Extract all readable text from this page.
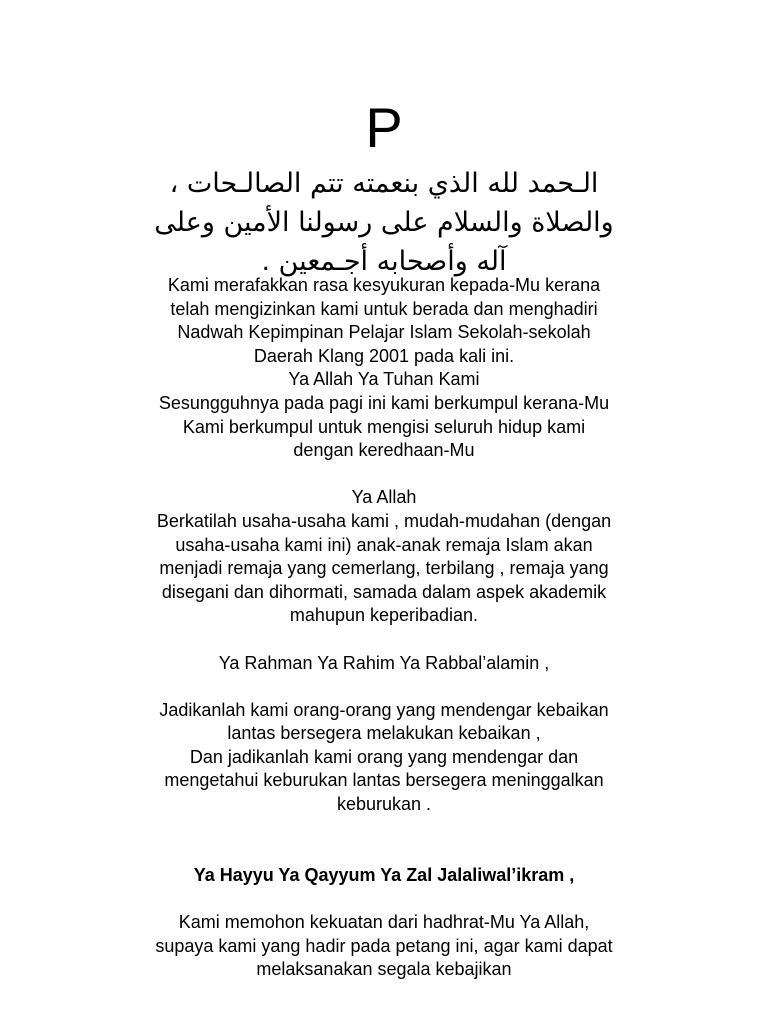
P
الـحمد لله الذي بنعمته تتم الصالـحات ،
والصلاة والسلام على رسولنا الأمين وعلى
آله وأصحابه أجـمعين .
Kami merafakkan rasa kesyukuran kepada-Mu kerana
telah mengizinkan kami untuk berada dan menghadiri
Nadwah Kepimpinan Pelajar Islam Sekolah-sekolah
Daerah Klang 2001 pada kali ini.
Ya Allah Ya Tuhan Kami
Sesungguhnya pada pagi ini kami berkumpul kerana-Mu
Kami berkumpul untuk mengisi seluruh hidup kami
dengan keredhaan-Mu
Ya Allah
Berkatilah usaha-usaha kami , mudah-mudahan (dengan
usaha-usaha kami ini) anak-anak remaja Islam akan
menjadi remaja yang cemerlang, terbilang , remaja yang
disegani dan dihormati, samada dalam aspek akademik
mahupun keperibadian.
Ya Rahman Ya Rahim Ya Rabbal’alamin ,
Jadikanlah kami orang-orang yang mendengar kebaikan
lantas bersegera melakukan kebaikan ,
Dan jadikanlah kami orang yang mendengar dan
mengetahui keburukan lantas bersegera meninggalkan
keburukan .
Ya Hayyu Ya Qayyum Ya Zal Jalaliwal’ikram ,
Kami memohon kekuatan dari hadhrat-Mu Ya Allah,
supaya kami yang hadir pada petang ini, agar kami dapat
melaksanakan segala kebajikan
